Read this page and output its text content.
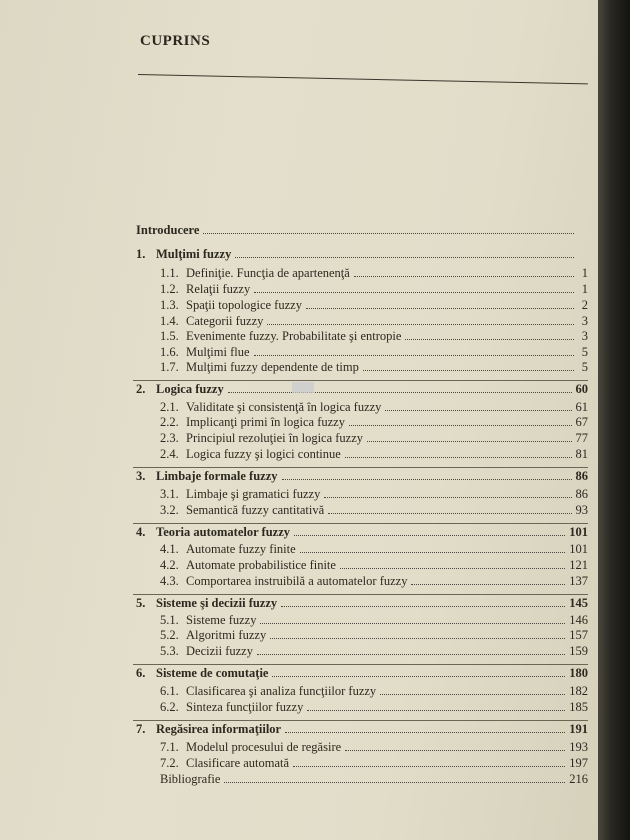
CUPRINS
Introducere
1. Mulţimi fuzzy
1.1. Definiţie. Funcţia de apartenenţă	1
1.2. Relaţii fuzzy	1
1.3. Spaţii topologice fuzzy	2
1.4. Categorii fuzzy	3
1.5. Evenimente fuzzy. Probabilitate şi entropie	3
1.6. Mulţimi flue	5
1.7. Mulţimi fuzzy dependente de timp	5
2. Logica fuzzy	60
2.1. Validitate şi consistenţă în logica fuzzy	61
2.2. Implicanţi primi în logica fuzzy	67
2.3. Principiul rezoluţiei în logica fuzzy	77
2.4. Logica fuzzy şi logici continue	81
3. Limbaje formale fuzzy	86
3.1. Limbaje şi gramatici fuzzy	86
3.2. Semantică fuzzy cantitativă	93
4. Teoria automatelor fuzzy	101
4.1. Automate fuzzy finite	101
4.2. Automate probabilistice finite	121
4.3. Comportarea instruibilă a automatelor fuzzy	137
5. Sisteme şi decizii fuzzy	145
5.1. Sisteme fuzzy	146
5.2. Algoritmi fuzzy	157
5.3. Decizii fuzzy	159
6. Sisteme de comutaţie	180
6.1. Clasificarea şi analiza funcţiilor fuzzy	182
6.2. Sinteza funcţiilor fuzzy	185
7. Regăsirea informaţiilor	191
7.1. Modelul procesului de regăsire	193
7.2. Clasificare automată	197
Bibliografie	216
